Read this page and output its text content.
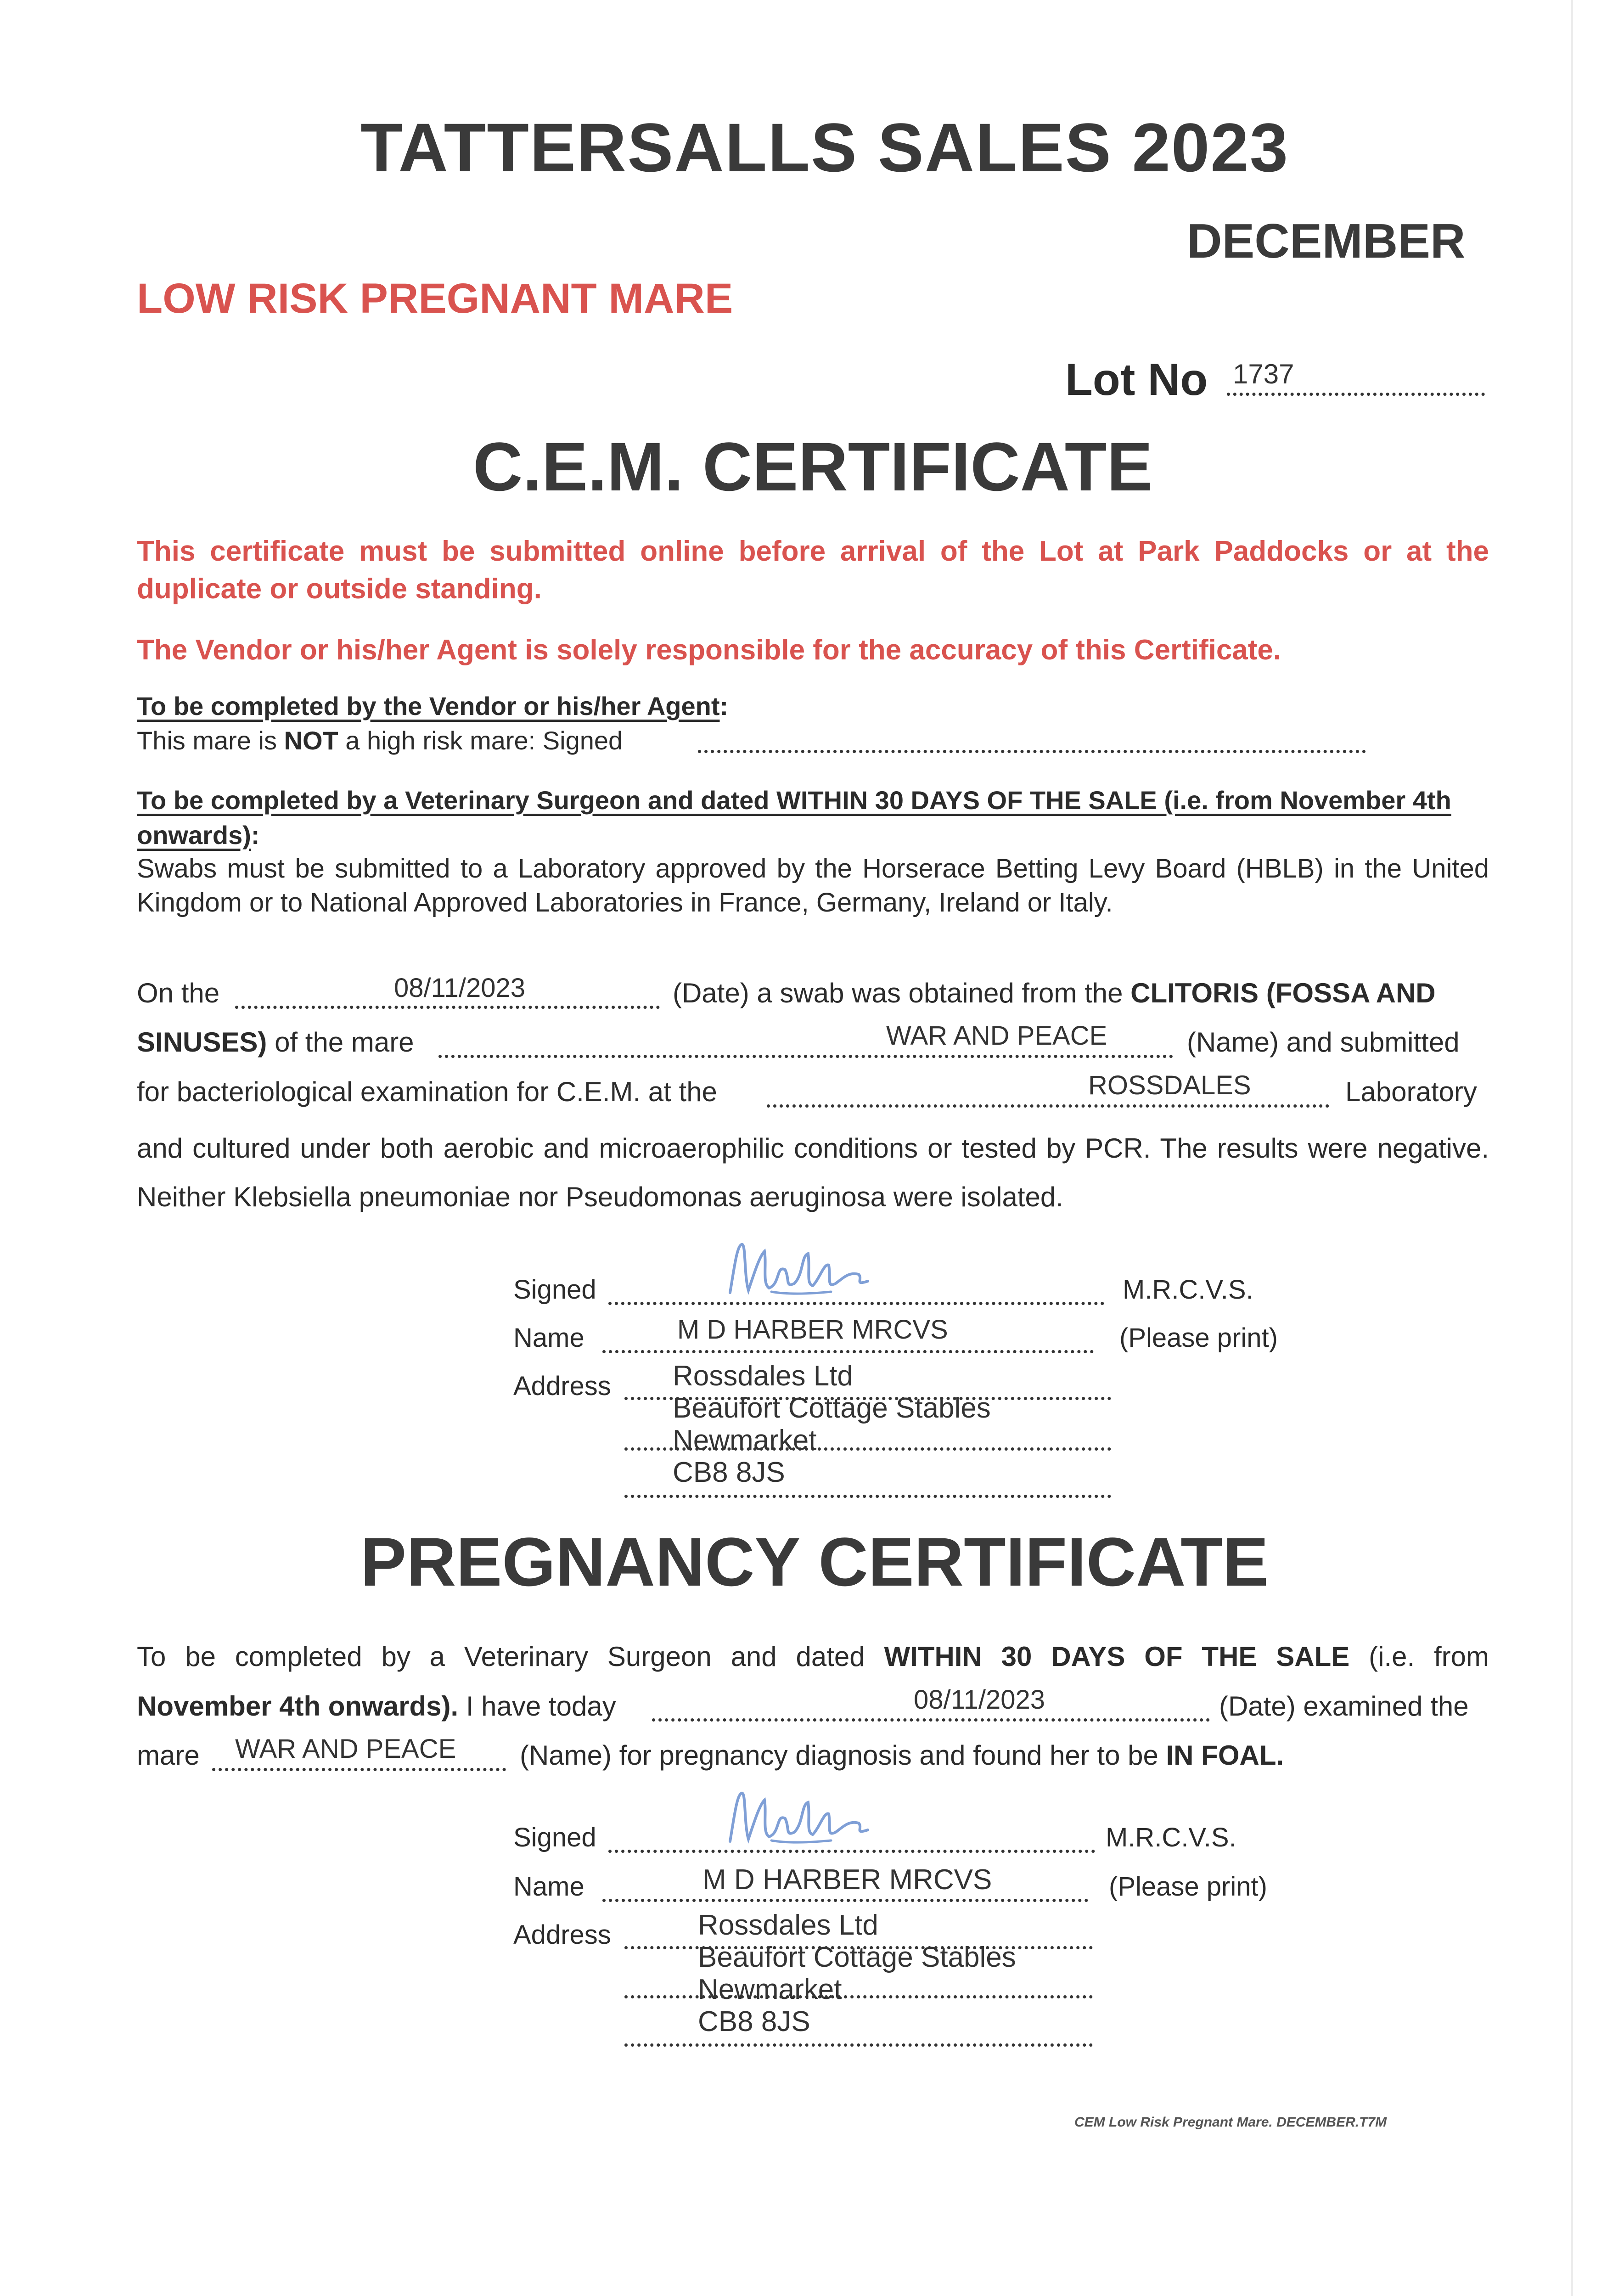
TATTERSALLS SALES 2023
DECEMBER
LOW RISK PREGNANT MARE
Lot No 1737
C.E.M. CERTIFICATE
This certificate must be submitted online before arrival of the Lot at Park Paddocks or at the duplicate or outside standing.
The Vendor or his/her Agent is solely responsible for the accuracy of this Certificate.
To be completed by the Vendor or his/her Agent:
This mare is NOT a high risk mare: Signed
To be completed by a Veterinary Surgeon and dated WITHIN 30 DAYS OF THE SALE (i.e. from November 4th onwards):
Swabs must be submitted to a Laboratory approved by the Horserace Betting Levy Board (HBLB) in the United Kingdom or to National Approved Laboratories in France, Germany, Ireland or Italy.
On the	08/11/2023	(Date) a swab was obtained from the CLITORIS (FOSSA AND
SINUSES) of the mare	WAR AND PEACE	(Name) and submitted
for bacteriological examination for C.E.M. at the	ROSSDALES	Laboratory
and cultured under both aerobic and microaerophilic conditions or tested by PCR. The results were negative. Neither Klebsiella pneumoniae nor Pseudomonas aeruginosa were isolated.
Signed	M.R.C.V.S.
Name	M D HARBER MRCVS	(Please print)
Address Rossdales Ltd
Beaufort Cottage Stables
Newmarket
CB8 8JS
PREGNANCY CERTIFICATE
To be completed by a Veterinary Surgeon and dated WITHIN 30 DAYS OF THE SALE (i.e. from
November 4th onwards). I have today	08/11/2023	(Date) examined the
mare WAR AND PEACE (Name) for pregnancy diagnosis and found her to be IN FOAL.
Signed	M.R.C.V.S.
Name	M D HARBER MRCVS	(Please print)
Address	Rossdales Ltd
Beaufort Cottage Stables
Newmarket
CB8 8JS
CEM Low Risk Pregnant Mare. DECEMBER.T7M
